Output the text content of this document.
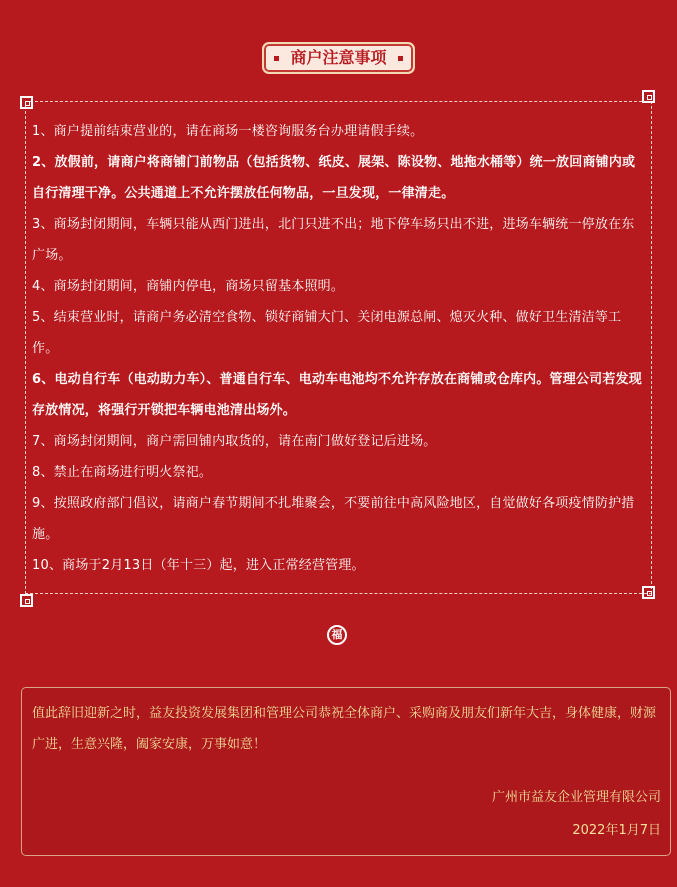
商户注意事项
1、商户提前结束营业的，请在商场一楼咨询服务台办理请假手续。
2、放假前，请商户将商铺门前物品（包括货物、纸皮、展架、陈设物、地拖水桶等）统一放回商铺内或自行清理干净。公共通道上不允许摆放任何物品，一旦发现，一律清走。
3、商场封闭期间，车辆只能从西门进出，北门只进不出；地下停车场只出不进，进场车辆统一停放在东广场。
4、商场封闭期间，商铺内停电，商场只留基本照明。
5、结束营业时，请商户务必清空食物、锁好商铺大门、关闭电源总闸、熄灭火种、做好卫生清洁等工作。
6、电动自行车（电动助力车）、普通自行车、电动车电池均不允许存放在商铺或仓库内。管理公司若发现存放情况，将强行开锁把车辆电池清出场外。
7、商场封闭期间，商户需回铺内取货的，请在南门做好登记后进场。
8、禁止在商场进行明火祭祀。
9、按照政府部门倡议，请商户春节期间不扎堆聚会，不要前往中高风险地区，自觉做好各项疫情防护措施。
10、商场于2月13日（年十三）起，进入正常经营管理。
福

值此辞旧迎新之时，益友投资发展集团和管理公司恭祝全体商户、采购商及朋友们新年大吉，身体健康，财源广进，生意兴隆，阖家安康，万事如意！

广州市益友企业管理有限公司
2022年1月7日
